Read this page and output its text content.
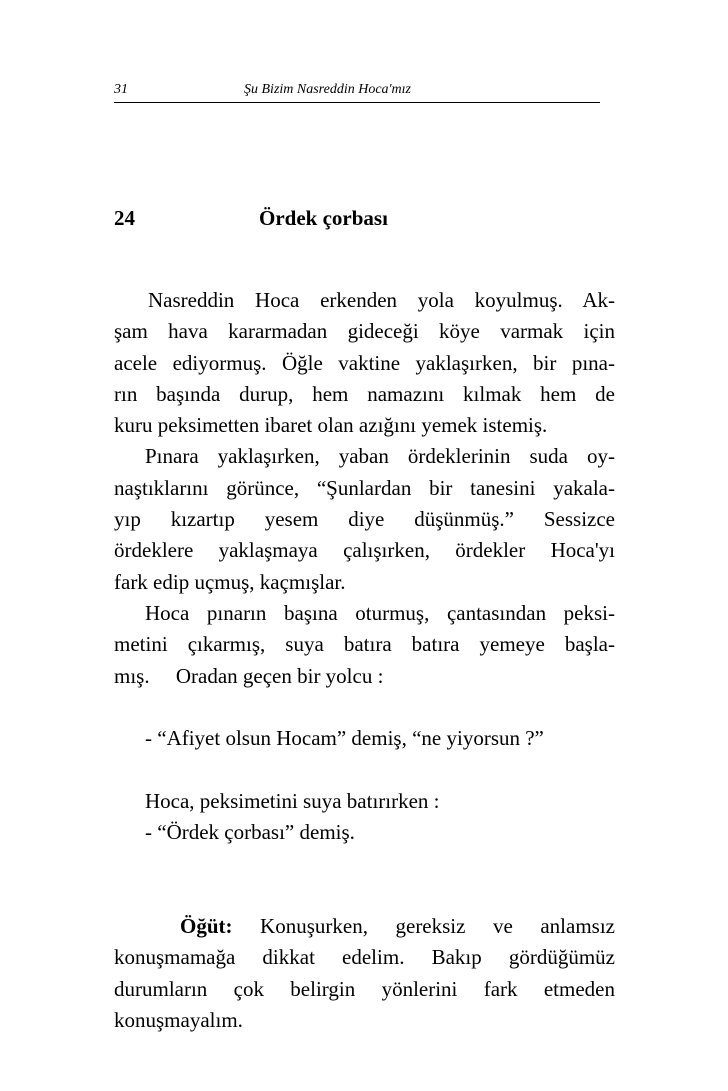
31	Şu Bizim Nasreddin Hoca'mız
24	Ördek çorbası
Nasreddin Hoca erkenden yola koyulmuş. Ak-
şam hava kararmadan gideceği köye varmak için
acele ediyormuş. Öğle vaktine yaklaşırken, bir pına-
rın başında durup, hem namazını kılmak hem de
kuru peksimetten ibaret olan azığını yemek istemiş.
Pınara yaklaşırken, yaban ördeklerinin suda oy-
naştıklarını görünce, “Şunlardan bir tanesini yakala-
yıp kızartıp yesem diye düşünmüş.” Sessizce
ördeklere yaklaşmaya çalışırken, ördekler Hoca'yı
fark edip uçmuş, kaçmışlar.
Hoca pınarın başına oturmuş, çantasından peksi-
metini çıkarmış, suya batıra batıra yemeye başla-
mış.     Oradan geçen bir yolcu :
- “Afiyet olsun Hocam” demiş, “ne yiyorsun ?”
Hoca, peksimetini suya batırırken :
- “Ördek çorbası” demiş.
Öğüt: Konuşurken, gereksiz ve anlamsız
konuşmamağa dikkat edelim. Bakıp gördüğümüz
durumların çok belirgin yönlerini fark etmeden
konuşmayalım.
